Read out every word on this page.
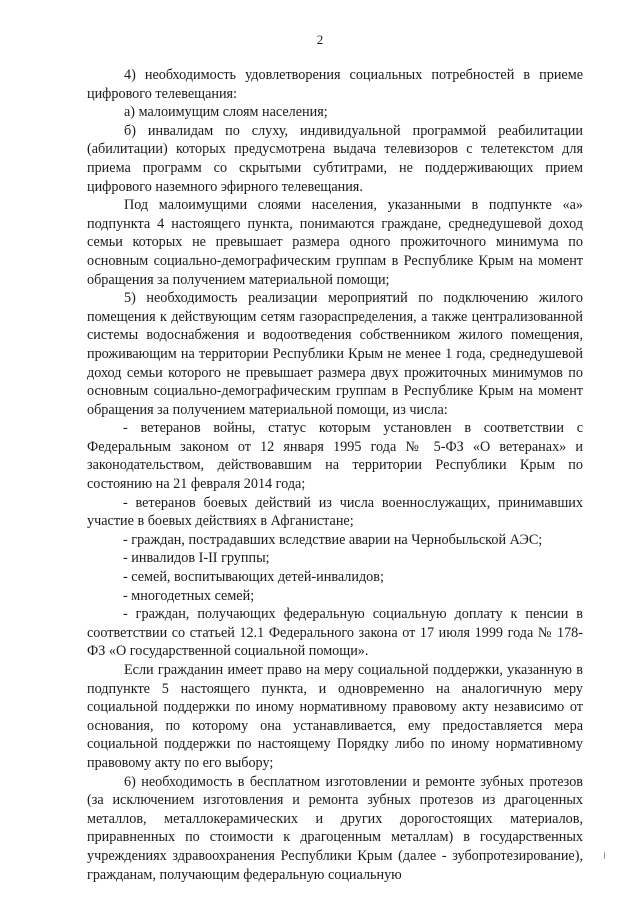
2

4) необходимость удовлетворения социальных потребностей в приеме цифрового телевещания:

а) малоимущим слоям населения;

б) инвалидам по слуху, индивидуальной программой реабилитации (абилитации) которых предусмотрена выдача телевизоров с телетекстом для приема программ со скрытыми субтитрами, не поддерживающих прием цифрового наземного эфирного телевещания.

Под малоимущими слоями населения, указанными в подпункте «а» подпункта 4 настоящего пункта, понимаются граждане, среднедушевой доход семьи которых не превышает размера одного прожиточного минимума по основным социально-демографическим группам в Республике Крым на момент обращения за получением материальной помощи;

5) необходимость реализации мероприятий по подключению жилого помещения к действующим сетям газораспределения, а также централизованной системы водоснабжения и водоотведения собственником жилого помещения, проживающим на территории Республики Крым не менее 1 года, среднедушевой доход семьи которого не превышает размера двух прожиточных минимумов по основным социально-демографическим группам в Республике Крым на момент обращения за получением материальной помощи, из числа:

- ветеранов войны, статус которым установлен в соответствии с Федеральным законом от 12 января 1995 года № 5-ФЗ «О ветеранах» и законодательством, действовавшим на территории Республики Крым по состоянию на 21 февраля 2014 года;

- ветеранов боевых действий из числа военнослужащих, принимавших участие в боевых действиях в Афганистане;

- граждан, пострадавших вследствие аварии на Чернобыльской АЭС;

- инвалидов I-II группы;

- семей, воспитывающих детей-инвалидов;

- многодетных семей;

- граждан, получающих федеральную социальную доплату к пенсии в соответствии со статьей 12.1 Федерального закона от 17 июля 1999 года № 178-ФЗ «О государственной социальной помощи».

Если гражданин имеет право на меру социальной поддержки, указанную в подпункте 5 настоящего пункта, и одновременно на аналогичную меру социальной поддержки по иному нормативному правовому акту независимо от основания, по которому она устанавливается, ему предоставляется мера социальной поддержки по настоящему Порядку либо по иному нормативному правовому акту по его выбору;

6) необходимость в бесплатном изготовлении и ремонте зубных протезов (за исключением изготовления и ремонта зубных протезов из драгоценных металлов, металлокерамических и других дорогостоящих материалов, приравненных по стоимости к драгоценным металлам) в государственных учреждениях здравоохранения Республики Крым (далее - зубопротезирование), гражданам, получающим федеральную социальную
